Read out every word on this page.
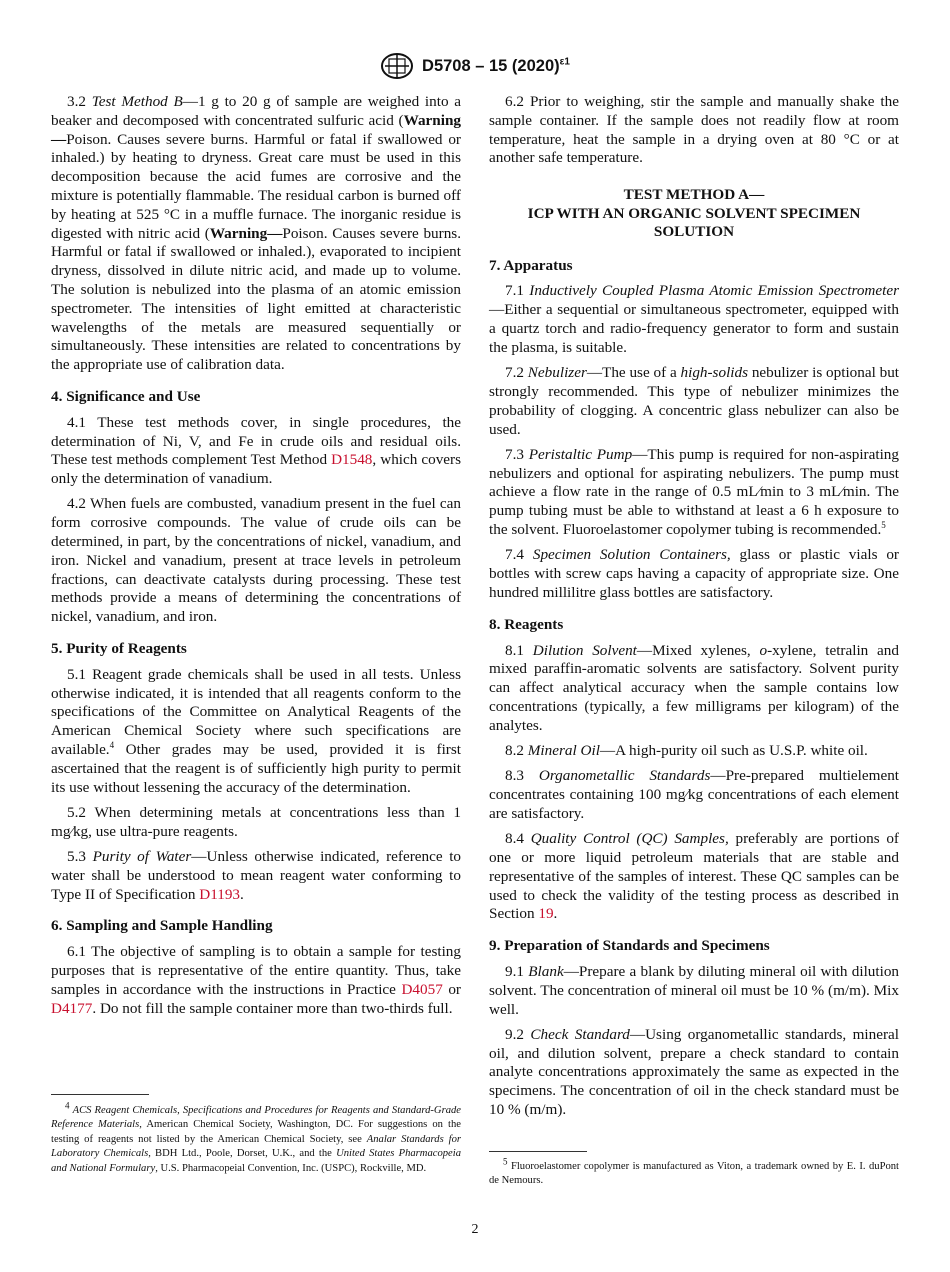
D5708 – 15 $(2020)^{\varepsilon 1}$

3.2 Test Method B—1 g to 20 g of sample are weighed into a beaker and decomposed with concentrated sulfuric acid (Warning—Poison. Causes severe burns. Harmful or fatal if swallowed or inhaled.) by heating to dryness. Great care must be used in this decomposition because the acid fumes are corrosive and the mixture is potentially flammable. The residual carbon is burned off by heating at 525 °C in a muffle furnace. The inorganic residue is digested with nitric acid (Warning—Poison. Causes severe burns. Harmful or fatal if swallowed or inhaled.), evaporated to incipient dryness, dissolved in dilute nitric acid, and made up to volume. The solution is nebulized into the plasma of an atomic emission spectrometer. The intensities of light emitted at characteristic wavelengths of the metals are measured sequentially or simultaneously. These intensities are related to concentrations by the appropriate use of calibration data.

4. Significance and Use

4.1 These test methods cover, in single procedures, the determination of Ni, V, and Fe in crude oils and residual oils. These test methods complement Test Method D1548, which covers only the determination of vanadium.

4.2 When fuels are combusted, vanadium present in the fuel can form corrosive compounds. The value of crude oils can be determined, in part, by the concentrations of nickel, vanadium, and iron. Nickel and vanadium, present at trace levels in petroleum fractions, can deactivate catalysts during processing. These test methods provide a means of determining the concentrations of nickel, vanadium, and iron.

5. Purity of Reagents

5.1 Reagent grade chemicals shall be used in all tests. Unless otherwise indicated, it is intended that all reagents conform to the specifications of the Committee on Analytical Reagents of the American Chemical Society where such specifications are available.$^4$ Other grades may be used, provided it is first ascertained that the reagent is of sufficiently high purity to permit its use without lessening the accuracy of the determination.

5.2 When determining metals at concentrations less than 1 mg⁄kg, use ultra-pure reagents.

5.3 Purity of Water—Unless otherwise indicated, reference to water shall be understood to mean reagent water conforming to Type II of Specification D1193.

6. Sampling and Sample Handling

6.1 The objective of sampling is to obtain a sample for testing purposes that is representative of the entire quantity. Thus, take samples in accordance with the instructions in Practice D4057 or D4177. Do not fill the sample container more than two-thirds full.

$^4$ ACS Reagent Chemicals, Specifications and Procedures for Reagents and Standard-Grade Reference Materials, American Chemical Society, Washington, DC. For suggestions on the testing of reagents not listed by the American Chemical Society, see Analar Standards for Laboratory Chemicals, BDH Ltd., Poole, Dorset, U.K., and the United States Pharmacopeia and National Formulary, U.S. Pharmacopeial Convention, Inc. (USPC), Rockville, MD.

6.2 Prior to weighing, stir the sample and manually shake the sample container. If the sample does not readily flow at room temperature, heat the sample in a drying oven at 80 °C or at another safe temperature.

TEST METHOD A—
ICP WITH AN ORGANIC SOLVENT SPECIMEN
SOLUTION
7. Apparatus

7.1 Inductively Coupled Plasma Atomic Emission Spectrometer—Either a sequential or simultaneous spectrometer, equipped with a quartz torch and radio-frequency generator to form and sustain the plasma, is suitable.

7.2 Nebulizer—The use of a high-solids nebulizer is optional but strongly recommended. This type of nebulizer minimizes the probability of clogging. A concentric glass nebulizer can also be used.

7.3 Peristaltic Pump—This pump is required for non-aspirating nebulizers and optional for aspirating nebulizers. The pump must achieve a flow rate in the range of 0.5 mL⁄min to 3 mL⁄min. The pump tubing must be able to withstand at least a 6 h exposure to the solvent. Fluoroelastomer copolymer tubing is recommended.$^5$

7.4 Specimen Solution Containers, glass or plastic vials or bottles with screw caps having a capacity of appropriate size. One hundred millilitre glass bottles are satisfactory.

8. Reagents

8.1 Dilution Solvent—Mixed xylenes, o-xylene, tetralin and mixed paraffin-aromatic solvents are satisfactory. Solvent purity can affect analytical accuracy when the sample contains low concentrations (typically, a few milligrams per kilogram) of the analytes.

8.2 Mineral Oil—A high-purity oil such as U.S.P. white oil.

8.3 Organometallic Standards—Pre-prepared multielement concentrates containing 100 mg⁄kg concentrations of each element are satisfactory.

8.4 Quality Control (QC) Samples, preferably are portions of one or more liquid petroleum materials that are stable and representative of the samples of interest. These QC samples can be used to check the validity of the testing process as described in Section 19.

9. Preparation of Standards and Specimens

9.1 Blank—Prepare a blank by diluting mineral oil with dilution solvent. The concentration of mineral oil must be 10 % (m/m). Mix well.

9.2 Check Standard—Using organometallic standards, mineral oil, and dilution solvent, prepare a check standard to contain analyte concentrations approximately the same as expected in the specimens. The concentration of oil in the check standard must be 10 % (m/m).

$^5$ Fluoroelastomer copolymer is manufactured as Viton, a trademark owned by E. I. duPont de Nemours.

2
